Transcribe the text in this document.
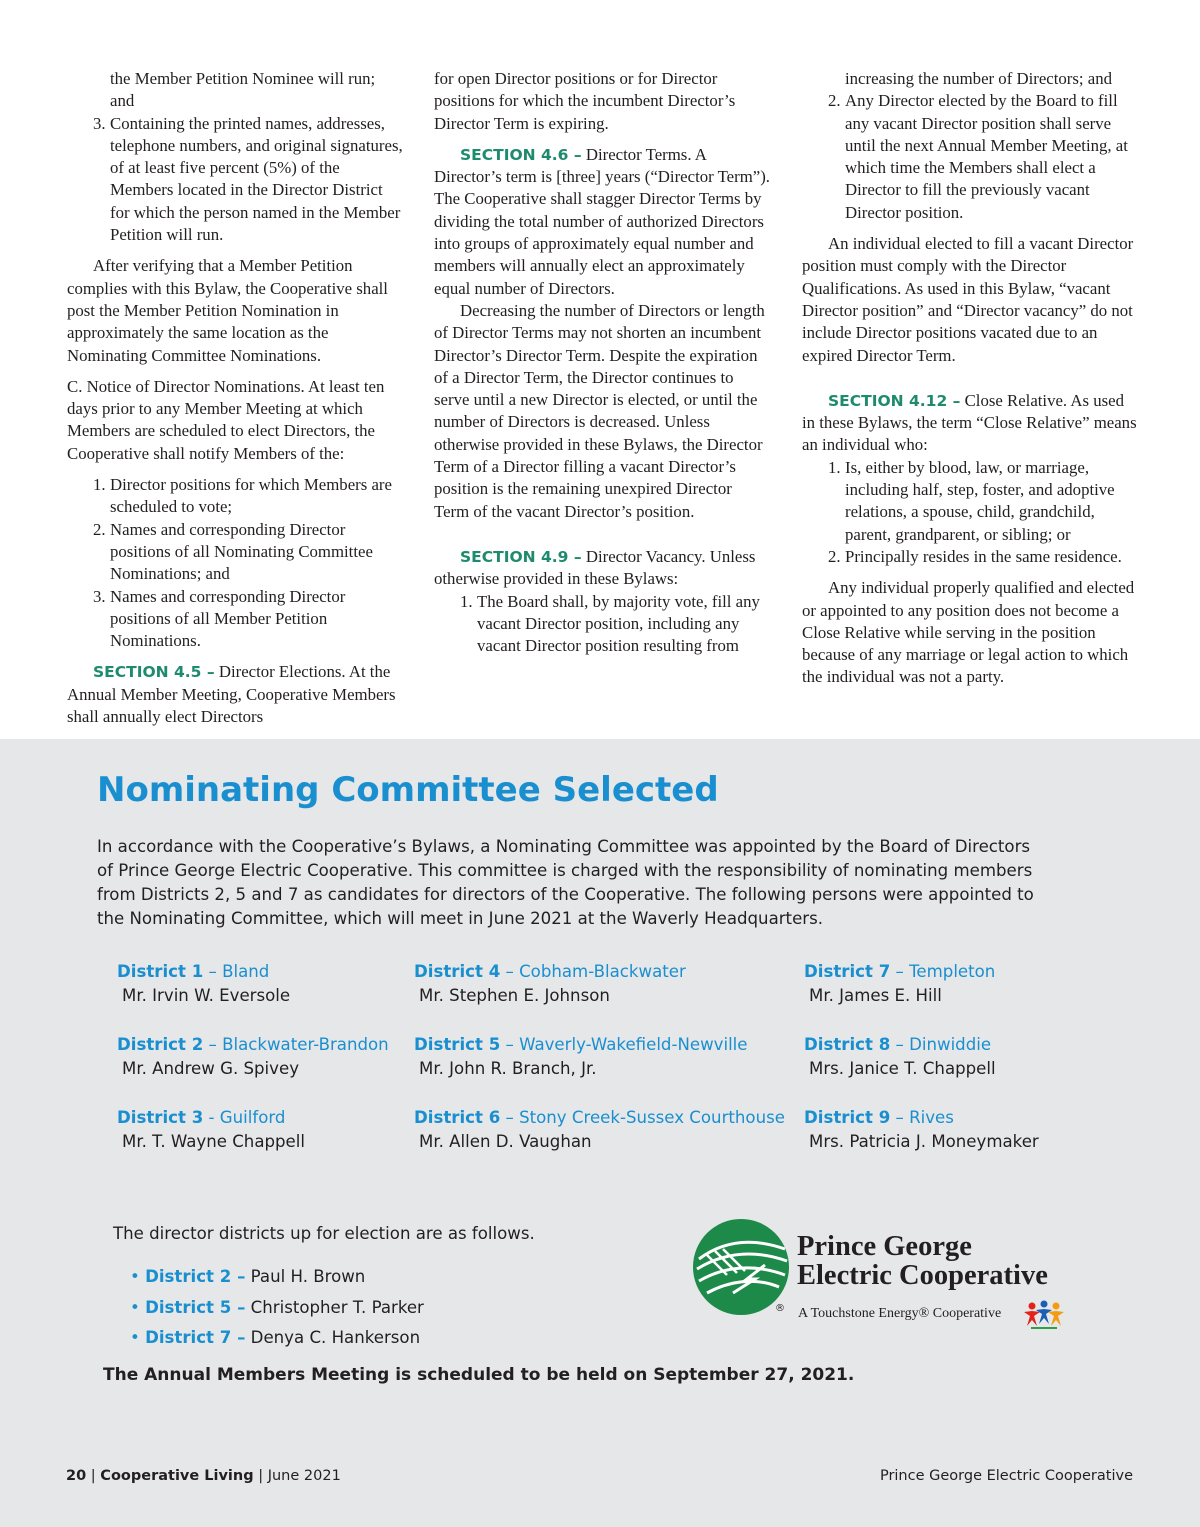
the Member Petition Nominee will run; and
3. Containing the printed names, addresses, telephone numbers, and original signatures, of at least five percent (5%) of the Members located in the Director District for which the person named in the Member Petition will run.

After verifying that a Member Petition complies with this Bylaw, the Cooperative shall post the Member Petition Nomination in approximately the same location as the Nominating Committee Nominations.

C. Notice of Director Nominations. At least ten days prior to any Member Meeting at which Members are scheduled to elect Directors, the Cooperative shall notify Members of the:

1. Director positions for which Members are scheduled to vote;
2. Names and corresponding Director positions of all Nominating Committee Nominations; and
3. Names and corresponding Director positions of all Member Petition Nominations.

SECTION 4.5 – Director Elections. At the Annual Member Meeting, Cooperative Members shall annually elect Directors

for open Director positions or for Director positions for which the incumbent Director’s Director Term is expiring.

SECTION 4.6 – Director Terms. A Director’s term is [three] years (“Director Term”). The Cooperative shall stagger Director Terms by dividing the total number of authorized Directors into groups of approximately equal number and members will annually elect an approximately equal number of Directors.

Decreasing the number of Directors or length of Director Terms may not shorten an incumbent Director’s Director Term. Despite the expiration of a Director Term, the Director continues to serve until a new Director is elected, or until the number of Directors is decreased. Unless otherwise provided in these Bylaws, the Director Term of a Director filling a vacant Director’s position is the remaining unexpired Director Term of the vacant Director’s position.

SECTION 4.9 – Director Vacancy. Unless otherwise provided in these Bylaws:

1. The Board shall, by majority vote, fill any vacant Director position, including any vacant Director position resulting from
increasing the number of Directors; and
2. Any Director elected by the Board to fill any vacant Director position shall serve until the next Annual Member Meeting, at which time the Members shall elect a Director to fill the previously vacant Director position.

An individual elected to fill a vacant Director position must comply with the Director Qualifications. As used in this Bylaw, “vacant Director position” and “Director vacancy” do not include Director positions vacated due to an expired Director Term.

SECTION 4.12 – Close Relative. As used in these Bylaws, the term “Close Relative” means an individual who:

1. Is, either by blood, law, or marriage, including half, step, foster, and adoptive relations, a spouse, child, grandchild, parent, grandparent, or sibling; or
2. Principally resides in the same residence.

Any individual properly qualified and elected or appointed to any position does not become a Close Relative while serving in the position because of any marriage or legal action to which the individual was not a party.

Nominating Committee Selected

In accordance with the Cooperative’s Bylaws, a Nominating Committee was appointed by the Board of Directors of Prince George Electric Cooperative. This committee is charged with the responsibility of nominating members from Districts 2, 5 and 7 as candidates for directors of the Cooperative. The following persons were appointed to the Nominating Committee, which will meet in June 2021 at the Waverly Headquarters.

District 1 – Bland
Mr. Irvin W. Eversole
District 4 – Cobham-Blackwater
Mr. Stephen E. Johnson
District 7 – Templeton
Mr. James E. Hill
District 2 – Blackwater-Brandon
Mr. Andrew G. Spivey
District 5 – Waverly-Wakefield-Newville
Mr. John R. Branch, Jr.
District 8 – Dinwiddie
Mrs. Janice T. Chappell
District 3 - Guilford
Mr. T. Wayne Chappell
District 6 – Stony Creek-Sussex Courthouse
Mr. Allen D. Vaughan
District 9 – Rives
Mrs. Patricia J. Moneymaker

The director districts up for election are as follows.

• District 2 – Paul H. Brown
• District 5 – Christopher T. Parker
• District 7 – Denya C. Hankerson

The Annual Members Meeting is scheduled to be held on September 27, 2021.

Prince George
Electric Cooperative
® A Touchstone Energy® Cooperative
20 | Cooperative Living | June 2021	Prince George Electric Cooperative
